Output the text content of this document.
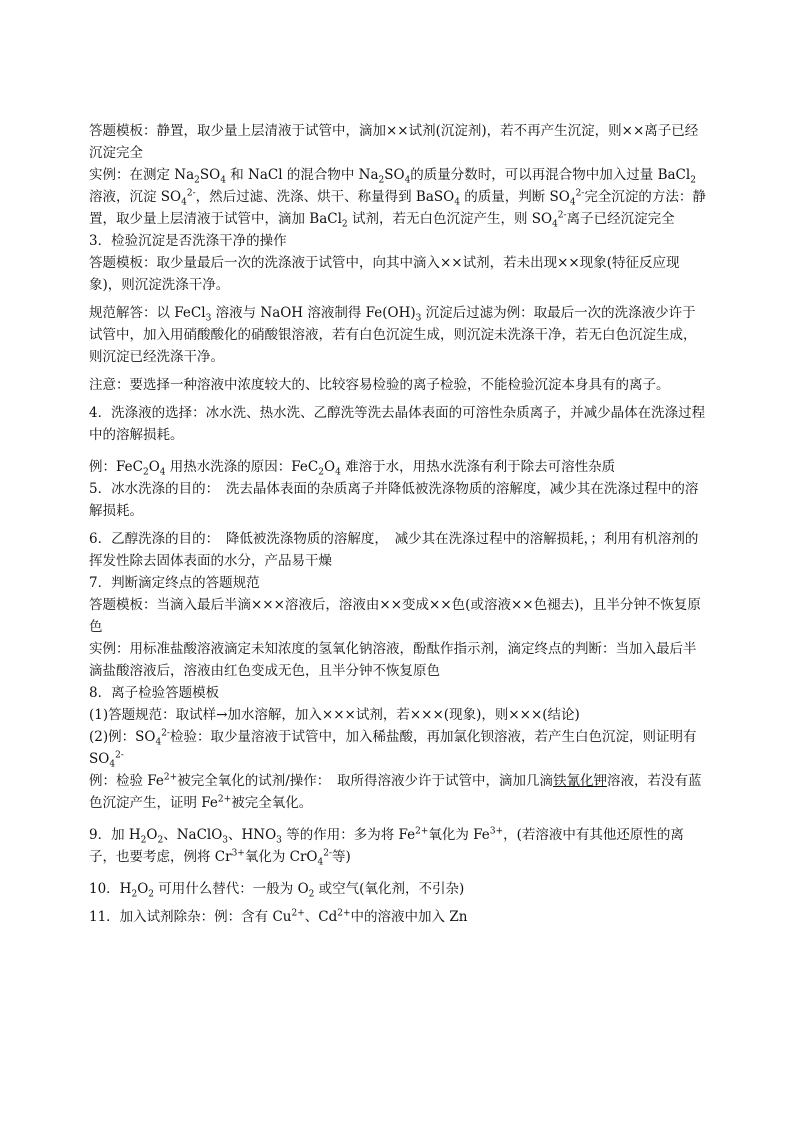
答题模板：静置，取少量上层清液于试管中，滴加××试剂(沉淀剂)，若不再产生沉淀，则××离子已经沉淀完全

实例：在测定 $Na_2SO_4$ 和 NaCl 的混合物中 $Na_2SO_4$的质量分数时，可以再混合物中加入过量 BaCl$_2$ 溶液，沉淀 $SO_4^{2-}$，然后过滤、洗涤、烘干、称量得到 BaSO$_4$ 的质量，判断 $SO_4^{2-}$完全沉淀的方法：静置，取少量上层清液于试管中，滴加 BaCl$_2$ 试剂，若无白色沉淀产生，则 $SO_4^{2-}$离子已经沉淀完全

3．检验沉淀是否洗涤干净的操作

答题模板：取少量最后一次的洗涤液于试管中，向其中滴入××试剂，若未出现××现象(特征反应现象)，则沉淀洗涤干净。

规范解答：以 FeCl$_3$ 溶液与 NaOH 溶液制得 $Fe(OH)_3$ 沉淀后过滤为例：取最后一次的洗涤液少许于试管中，加入用硝酸酸化的硝酸银溶液，若有白色沉淀生成，则沉淀未洗涤干净，若无白色沉淀生成，则沉淀已经洗涤干净。

注意：要选择一种溶液中浓度较大的、比较容易检验的离子检验，不能检验沉淀本身具有的离子。

4．洗涤液的选择：冰水洗、热水洗、乙醇洗等洗去晶体表面的可溶性杂质离子，并减少晶体在洗涤过程中的溶解损耗。

例：$FeC_2O_4$ 用热水洗涤的原因：$FeC_2O_4$ 难溶于水，用热水洗涤有利于除去可溶性杂质

5．冰水洗涤的目的：　洗去晶体表面的杂质离子并降低被洗涤物质的溶解度，减少其在洗涤过程中的溶解损耗。

6．乙醇洗涤的目的：　降低被洗涤物质的溶解度，　减少其在洗涤过程中的溶解损耗，；利用有机溶剂的挥发性除去固体表面的水分，产品易干燥

7．判断滴定终点的答题规范

答题模板：当滴入最后半滴×××溶液后，溶液由××变成××色(或溶液××色褪去)，且半分钟不恢复原色

实例：用标准盐酸溶液滴定未知浓度的氢氧化钠溶液，酚酞作指示剂，滴定终点的判断：当加入最后半滴盐酸溶液后，溶液由红色变成无色，且半分钟不恢复原色

8．离子检验答题模板

(1)答题规范：取试样→加水溶解，加入×××试剂，若×××(现象)，则×××(结论)

(2)例：$SO_4^{2-}$检验：取少量溶液于试管中，加入稀盐酸，再加氯化钡溶液，若产生白色沉淀，则证明有 $SO_4^{2-}$

例：检验 $Fe^{2+}$被完全氧化的试剂/操作：　取所得溶液少许于试管中，滴加几滴铁氰化钾溶液，若没有蓝色沉淀产生，证明 $Fe^{2+}$被完全氧化。

9．加 $H_2O_2$、NaClO$_3$、$HNO_3$ 等的作用：多为将 $Fe^{2+}$氧化为 $Fe^{3+}$，(若溶液中有其他还原性的离子，也要考虑，例将 $Cr^{3+}$氧化为 CrO$_4^{2-}$等)

10．$H_2O_2$ 可用什么替代：一般为 $O_2$ 或空气(氧化剂，不引杂)

11．加入试剂除杂：例：含有 $Cu^{2+}$、$Cd^{2+}$中的溶液中加入 Zn
